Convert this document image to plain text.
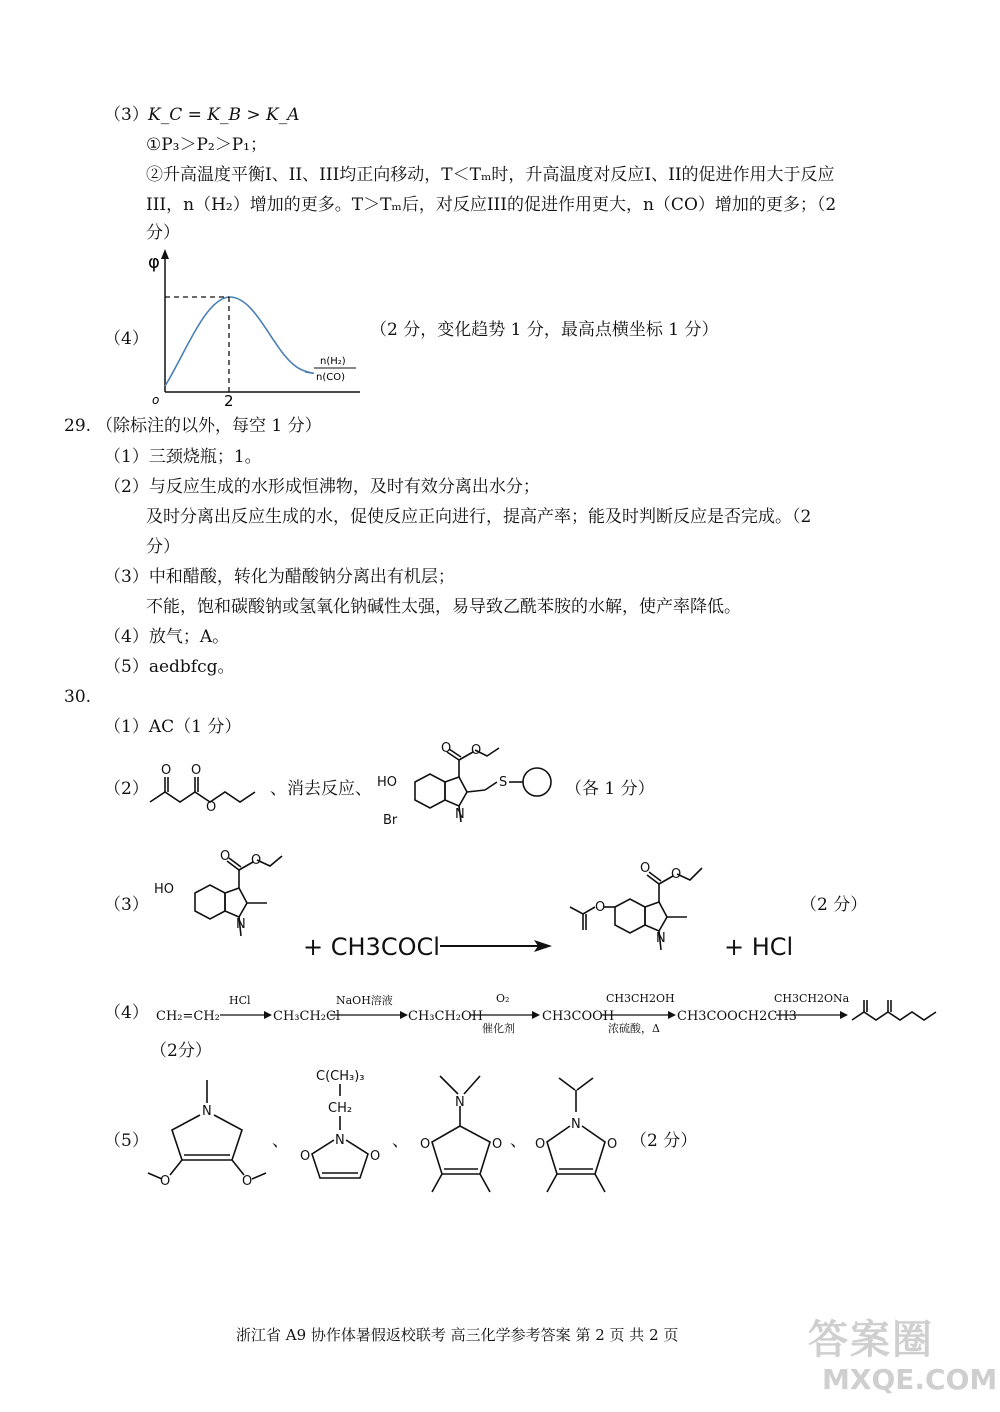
（3） K_C = K_B > K_A
①P₃＞P₂＞P₁；
②升高温度平衡I、II、III均正向移动，T＜Tₘ时，升高温度对反应I、II的促进作用大于反应
III，n（H₂）增加的更多。T＞Tₘ后，对反应III的促进作用更大，n（CO）增加的更多；（2
分）
（4）
φ
o	2
n(H₂)
n(CO)
（2 分，变化趋势 1 分，最高点横坐标 1 分）
29. （除标注的以外，每空 1 分）
（1）三颈烧瓶；1。
（2）与反应生成的水形成恒沸物，及时有效分离出水分；
及时分离出反应生成的水，促使反应正向进行，提高产率；能及时判断反应是否完成。（2
分）
（3）中和醋酸，转化为醋酸钠分离出有机层；
不能，饱和碳酸钠或氢氧化钠碱性太强，易导致乙酰苯胺的水解，使产率降低。
（4）放气；A。
（5）aedbfcg。
30.
（1）AC（1 分）
（2）
O O
O
、消去反应、 HO
Br	N
S
O O
（各 1 分）
（3）
HO
N
O O
+ CH3COCl
O
N
O O
+ HCl
（2 分）
（4） CH₂=CH₂
HCl
CH₃CH₂Cl
NaOH溶液
CH₃CH₂OH
O₂
催化剂
CH3COOH
CH3CH2OH
浓硫酸，Δ
CH3COOCH2CH3
CH3CH2ONa
（2分）
（5）
N
O	O
、
C(CH₃)₃
CH₂
N
O	O
、
N
O	O 、
N
O	O （2 分）
浙江省 A9 协作体暑假返校联考 高三化学参考答案 第 2 页 共 2 页	答案圈
MXQE.COM
